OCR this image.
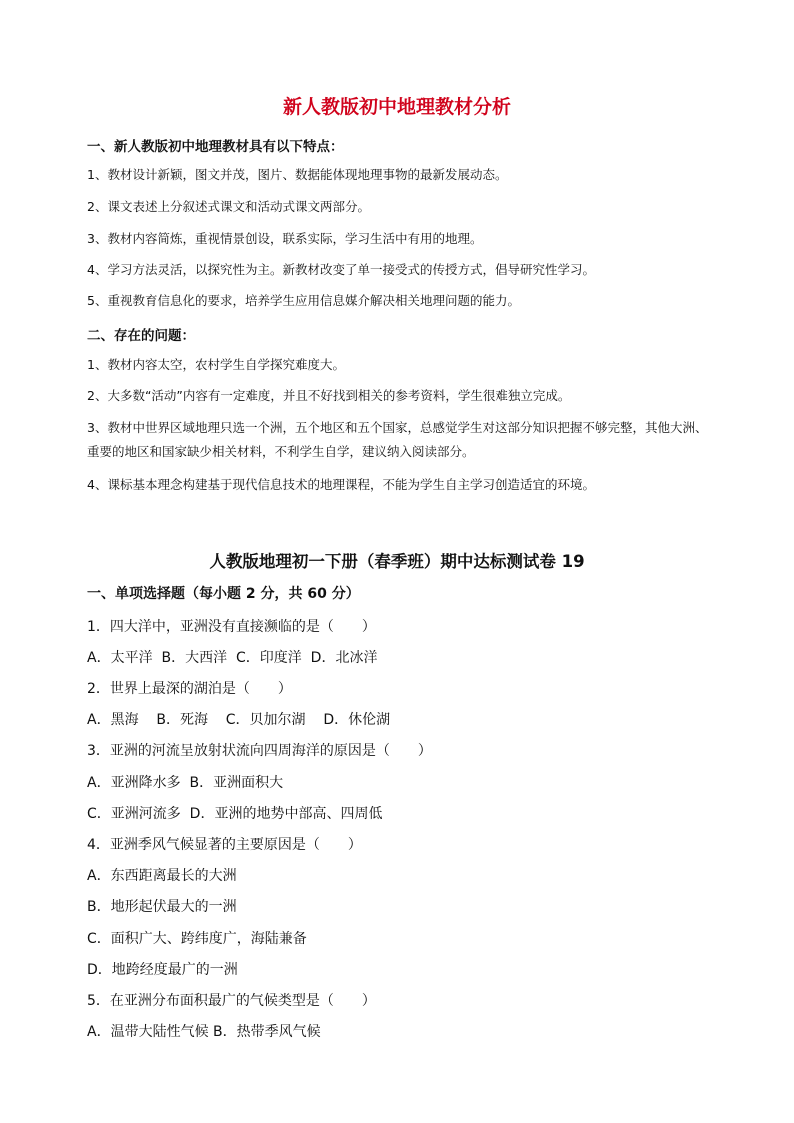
新人教版初中地理教材分析
一、新人教版初中地理教材具有以下特点：
1、教材设计新颖，图文并茂，图片、数据能体现地理事物的最新发展动态。
2、课文表述上分叙述式课文和活动式课文两部分。
3、教材内容简炼，重视情景创设，联系实际，学习生活中有用的地理。
4、学习方法灵活，以探究性为主。新教材改变了单一接受式的传授方式，倡导研究性学习。
5、重视教育信息化的要求，培养学生应用信息媒介解决相关地理问题的能力。
二、存在的问题：
1、教材内容太空，农村学生自学探究难度大。
2、大多数“活动”内容有一定难度，并且不好找到相关的参考资料，学生很难独立完成。
3、教材中世界区域地理只选一个洲，五个地区和五个国家，总感觉学生对这部分知识把握不够完整，其他大洲、重要的地区和国家缺少相关材料，不利学生自学，建议纳入阅读部分。
4、课标基本理念构建基于现代信息技术的地理课程，不能为学生自主学习创造适宜的环境。
人教版地理初一下册（春季班）期中达标测试卷 19
一、单项选择题（每小题 2 分，共 60 分）
1．四大洋中，亚洲没有直接濒临的是（　　）
A．太平洋  B．大西洋  C．印度洋  D．北冰洋
2．世界上最深的湖泊是（　　）
A．黑海    B．死海    C．贝加尔湖    D．休伦湖
3．亚洲的河流呈放射状流向四周海洋的原因是（　　）
A．亚洲降水多  B．亚洲面积大
C．亚洲河流多  D．亚洲的地势中部高、四周低
4．亚洲季风气候显著的主要原因是（　　）
A．东西距离最长的大洲
B．地形起伏最大的一洲
C．面积广大、跨纬度广，海陆兼备
D．地跨经度最广的一洲
5．在亚洲分布面积最广的气候类型是（　　）
A．温带大陆性气候 B．热带季风气候
